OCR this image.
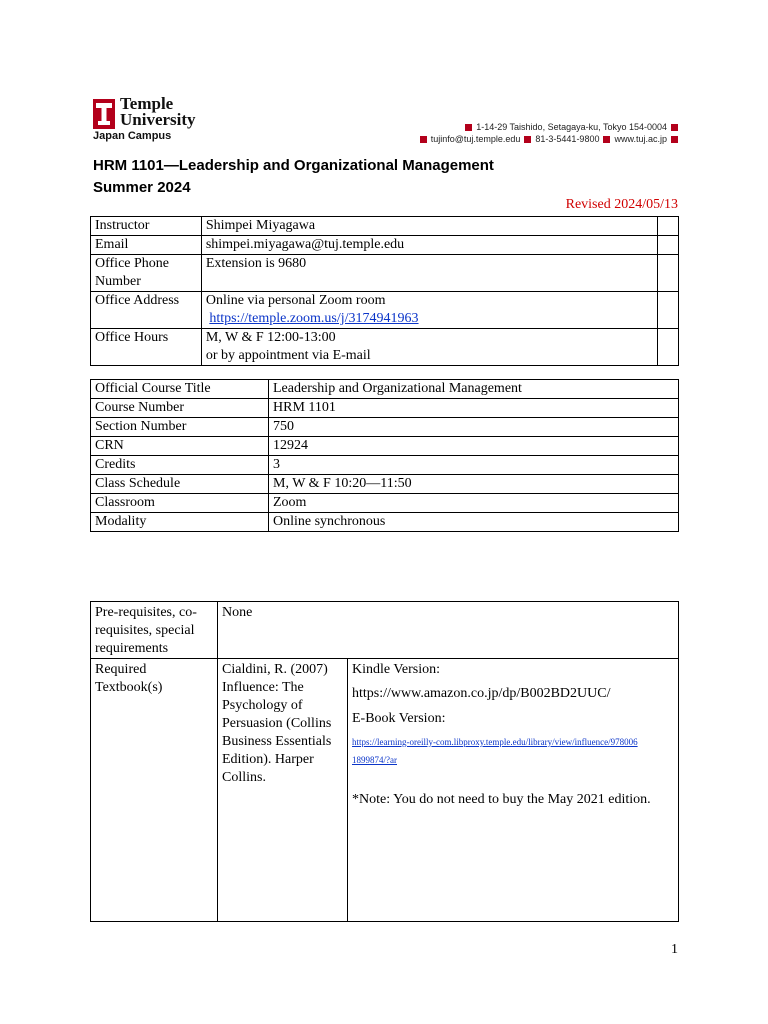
Temple
University
Japan Campus
1-14-29 Taishido, Setagaya-ku, Tokyo 154-0004
tujinfo@tuj.temple.edu 81-3-5441-9800 www.tuj.ac.jp
HRM 1101—Leadership and Organizational Management
Summer 2024
Revised 2024/05/13
Instructor	Shimpei Miyagawa	
Email	shimpei.miyagawa@tuj.temple.edu	
Office Phone Number	Extension is 9680	
Office Address	Online via personal Zoom room
https://temple.zoom.us/j/3174941963	

Office Hours	M, W & F 12:00-13:00
or by appointment via E-mail	

Official Course Title	Leadership and Organizational Management
Course Number	HRM 1101
Section Number	750
CRN	12924
Credits	3
Class Schedule	M, W & F 10:20—11:50
Classroom	Zoom
Modality	Online synchronous
Pre-requisites, co-requisites, special requirements	None	
Required Textbook(s)	Cialdini, R. (2007) Influence: The Psychology of Persuasion (Collins Business Essentials Edition). Harper Collins.	Kindle Version:
https://www.amazon.co.jp/dp/B002BD2UUC/
E-Book Version:
https://learning-oreilly-com.libproxy.temple.edu/library/view/influence/9780061899874/?ar
*Note: You do not need to buy the May 2021 edition.
1
